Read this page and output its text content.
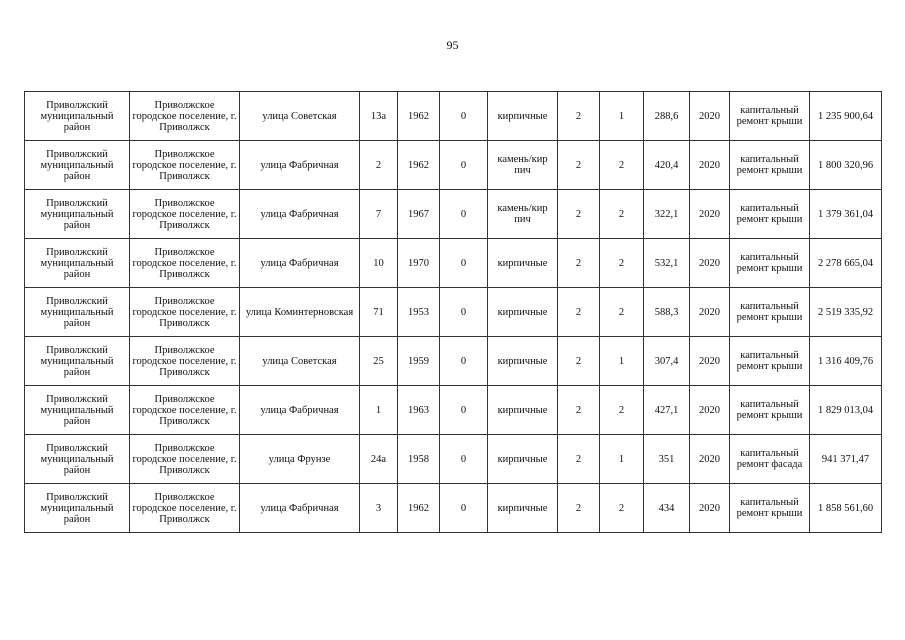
95
Приволжский муниципальный район	Приволжское городское поселение, г. Приволжск	улица Советская	13а	1962	0	кирпичные	2	1	288,6	2020	капитальный ремонт крыши	1 235 900,64
Приволжский муниципальный район	Приволжское городское поселение, г. Приволжск	улица Фабричная	2	1962	0	камень/кир пич	2	2	420,4	2020	капитальный ремонт крыши	1 800 320,96
Приволжский муниципальный район	Приволжское городское поселение, г. Приволжск	улица Фабричная	7	1967	0	камень/кир пич	2	2	322,1	2020	капитальный ремонт крыши	1 379 361,04
Приволжский муниципальный район	Приволжское городское поселение, г. Приволжск	улица Фабричная	10	1970	0	кирпичные	2	2	532,1	2020	капитальный ремонт крыши	2 278 665,04
Приволжский муниципальный район	Приволжское городское поселение, г. Приволжск	улица Коминтерновская	71	1953	0	кирпичные	2	2	588,3	2020	капитальный ремонт крыши	2 519 335,92
Приволжский муниципальный район	Приволжское городское поселение, г. Приволжск	улица Советская	25	1959	0	кирпичные	2	1	307,4	2020	капитальный ремонт крыши	1 316 409,76
Приволжский муниципальный район	Приволжское городское поселение, г. Приволжск	улица Фабричная	1	1963	0	кирпичные	2	2	427,1	2020	капитальный ремонт крыши	1 829 013,04
Приволжский муниципальный район	Приволжское городское поселение, г. Приволжск	улица Фрунзе	24а	1958	0	кирпичные	2	1	351	2020	капитальный ремонт фасада	941 371,47
Приволжский муниципальный район	Приволжское городское поселение, г. Приволжск	улица Фабричная	3	1962	0	кирпичные	2	2	434	2020	капитальный ремонт крыши	1 858 561,60
